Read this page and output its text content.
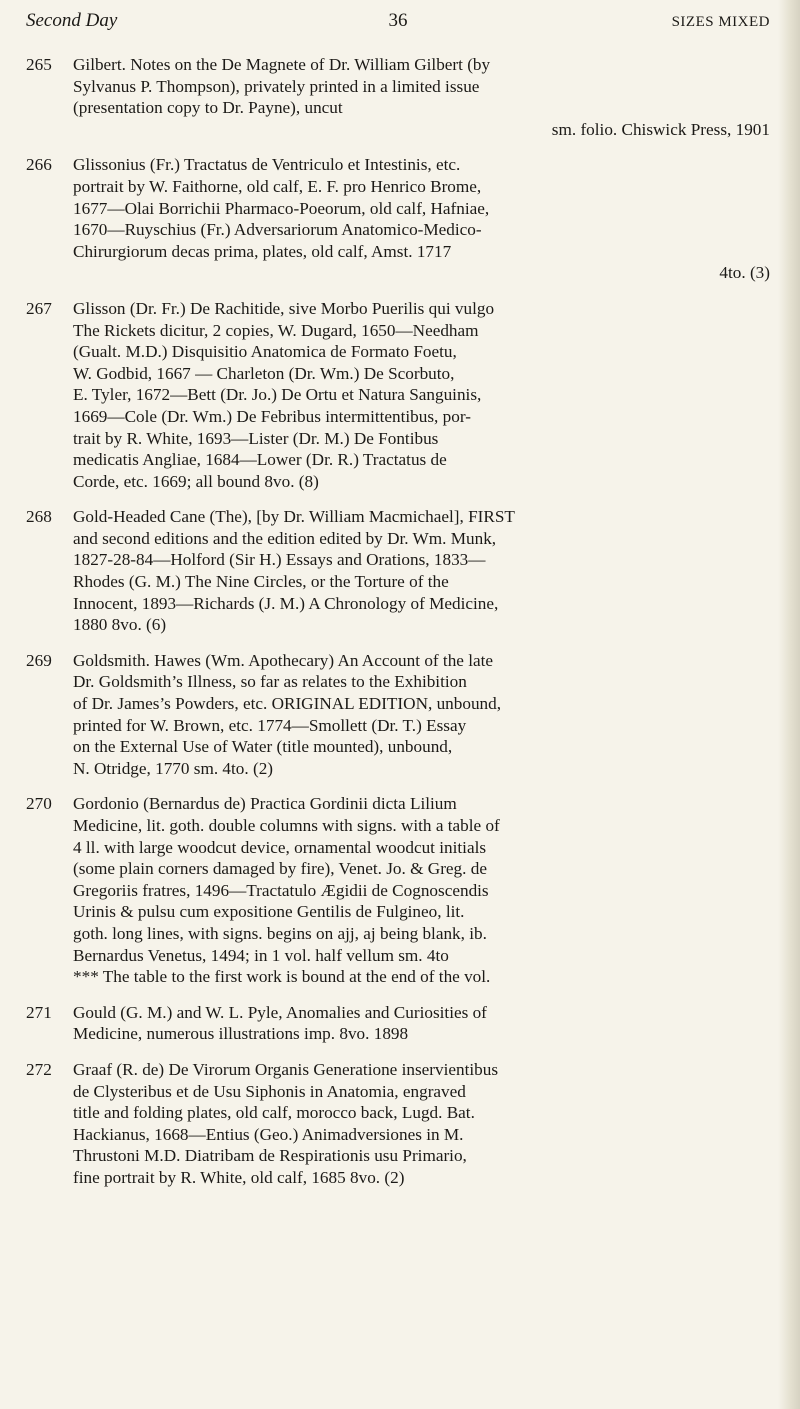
Second Day	36	SIZES MIXED
265 Gilbert. Notes on the De Magnete of Dr. William Gilbert (by
Sylvanus P. Thompson), privately printed in a limited issue
(presentation copy to Dr. Payne), uncut
sm. folio. Chiswick Press, 1901
266 Glissonius (Fr.) Tractatus de Ventriculo et Intestinis, etc.
portrait by W. Faithorne, old calf, E. F. pro Henrico Brome,
1677—Olai Borrichii Pharmaco-Poeorum, old calf, Hafniae,
1670—Ruyschius (Fr.) Adversariorum Anatomico-Medico-
Chirurgiorum decas prima, plates, old calf, Amst. 1717
4to. (3)
267 Glisson (Dr. Fr.) De Rachitide, sive Morbo Puerilis qui vulgo
The Rickets dicitur, 2 copies, W. Dugard, 1650—Needham
(Gualt. M.D.) Disquisitio Anatomica de Formato Foetu,
W. Godbid, 1667 — Charleton (Dr. Wm.) De Scorbuto,
E. Tyler, 1672—Bett (Dr. Jo.) De Ortu et Natura Sanguinis,
1669—Cole (Dr. Wm.) De Febribus intermittentibus, por-
trait by R. White, 1693—Lister (Dr. M.) De Fontibus
medicatis Angliae, 1684—Lower (Dr. R.) Tractatus de
Corde, etc. 1669; all bound 8vo. (8)
268 Gold-Headed Cane (The), [by Dr. William Macmichael], FIRST
and second editions and the edition edited by Dr. Wm. Munk,
1827-28-84—Holford (Sir H.) Essays and Orations, 1833—
Rhodes (G. M.) The Nine Circles, or the Torture of the
Innocent, 1893—Richards (J. M.) A Chronology of Medicine,
1880 8vo. (6)
269 Goldsmith. Hawes (Wm. Apothecary) An Account of the late
Dr. Goldsmith’s Illness, so far as relates to the Exhibition
of Dr. James’s Powders, etc. ORIGINAL EDITION, unbound,
printed for W. Brown, etc. 1774—Smollett (Dr. T.) Essay
on the External Use of Water (title mounted), unbound,
N. Otridge, 1770 sm. 4to. (2)
270 Gordonio (Bernardus de) Practica Gordinii dicta Lilium
Medicine, lit. goth. double columns with signs. with a table of
4 ll. with large woodcut device, ornamental woodcut initials
(some plain corners damaged by fire), Venet. Jo. & Greg. de
Gregoriis fratres, 1496—Tractatulo Ægidii de Cognoscendis
Urinis & pulsu cum expositione Gentilis de Fulgineo, lit.
goth. long lines, with signs. begins on ajj, aj being blank, ib.
Bernardus Venetus, 1494; in 1 vol. half vellum sm. 4to
*** The table to the first work is bound at the end of the vol.
271 Gould (G. M.) and W. L. Pyle, Anomalies and Curiosities of
Medicine, numerous illustrations imp. 8vo. 1898
272 Graaf (R. de) De Virorum Organis Generatione inservientibus
de Clysteribus et de Usu Siphonis in Anatomia, engraved
title and folding plates, old calf, morocco back, Lugd. Bat.
Hackianus, 1668—Entius (Geo.) Animadversiones in M.
Thrustoni M.D. Diatribam de Respirationis usu Primario,
fine portrait by R. White, old calf, 1685 8vo. (2)
